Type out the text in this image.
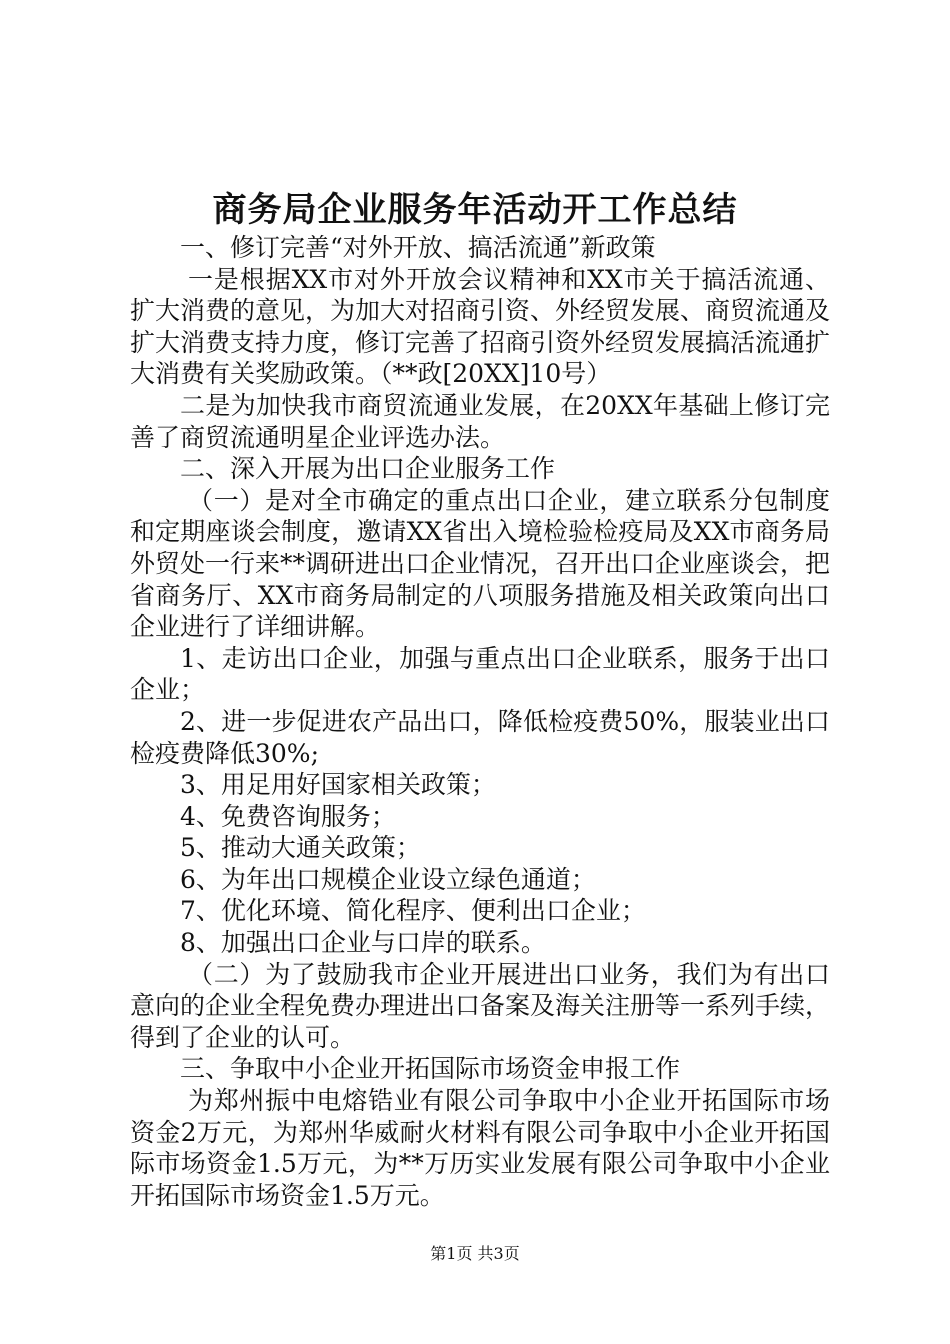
商务局企业服务年活动开工作总结

一、修订完善“对外开放、搞活流通”新政策

一是根据XX市对外开放会议精神和XX市关于搞活流通、扩大消费的意见，为加大对招商引资、外经贸发展、商贸流通及扩大消费支持力度，修订完善了招商引资外经贸发展搞活流通扩大消费有关奖励政策。（**政[20XX]10号）

二是为加快我市商贸流通业发展，在20XX年基础上修订完善了商贸流通明星企业评选办法。

二、深入开展为出口企业服务工作

（一）是对全市确定的重点出口企业，建立联系分包制度和定期座谈会制度，邀请XX省出入境检验检疫局及XX市商务局外贸处一行来**调研进出口企业情况，召开出口企业座谈会，把省商务厅、XX市商务局制定的八项服务措施及相关政策向出口企业进行了详细讲解。

1、走访出口企业，加强与重点出口企业联系，服务于出口企业；

2、进一步促进农产品出口，降低检疫费50%，服装业出口检疫费降低30%;

3、用足用好国家相关政策；

4、免费咨询服务；

5、推动大通关政策；

6、为年出口规模企业设立绿色通道；

7、优化环境、简化程序、便利出口企业；

8、加强出口企业与口岸的联系。

（二）为了鼓励我市企业开展进出口业务，我们为有出口意向的企业全程免费办理进出口备案及海关注册等一系列手续，得到了企业的认可。

三、争取中小企业开拓国际市场资金申报工作

为郑州振中电熔锆业有限公司争取中小企业开拓国际市场资金2万元，为郑州华威耐火材料有限公司争取中小企业开拓国际市场资金1.5万元，为**万历实业发展有限公司争取中小企业开拓国际市场资金1.5万元。

第1页 共3页
